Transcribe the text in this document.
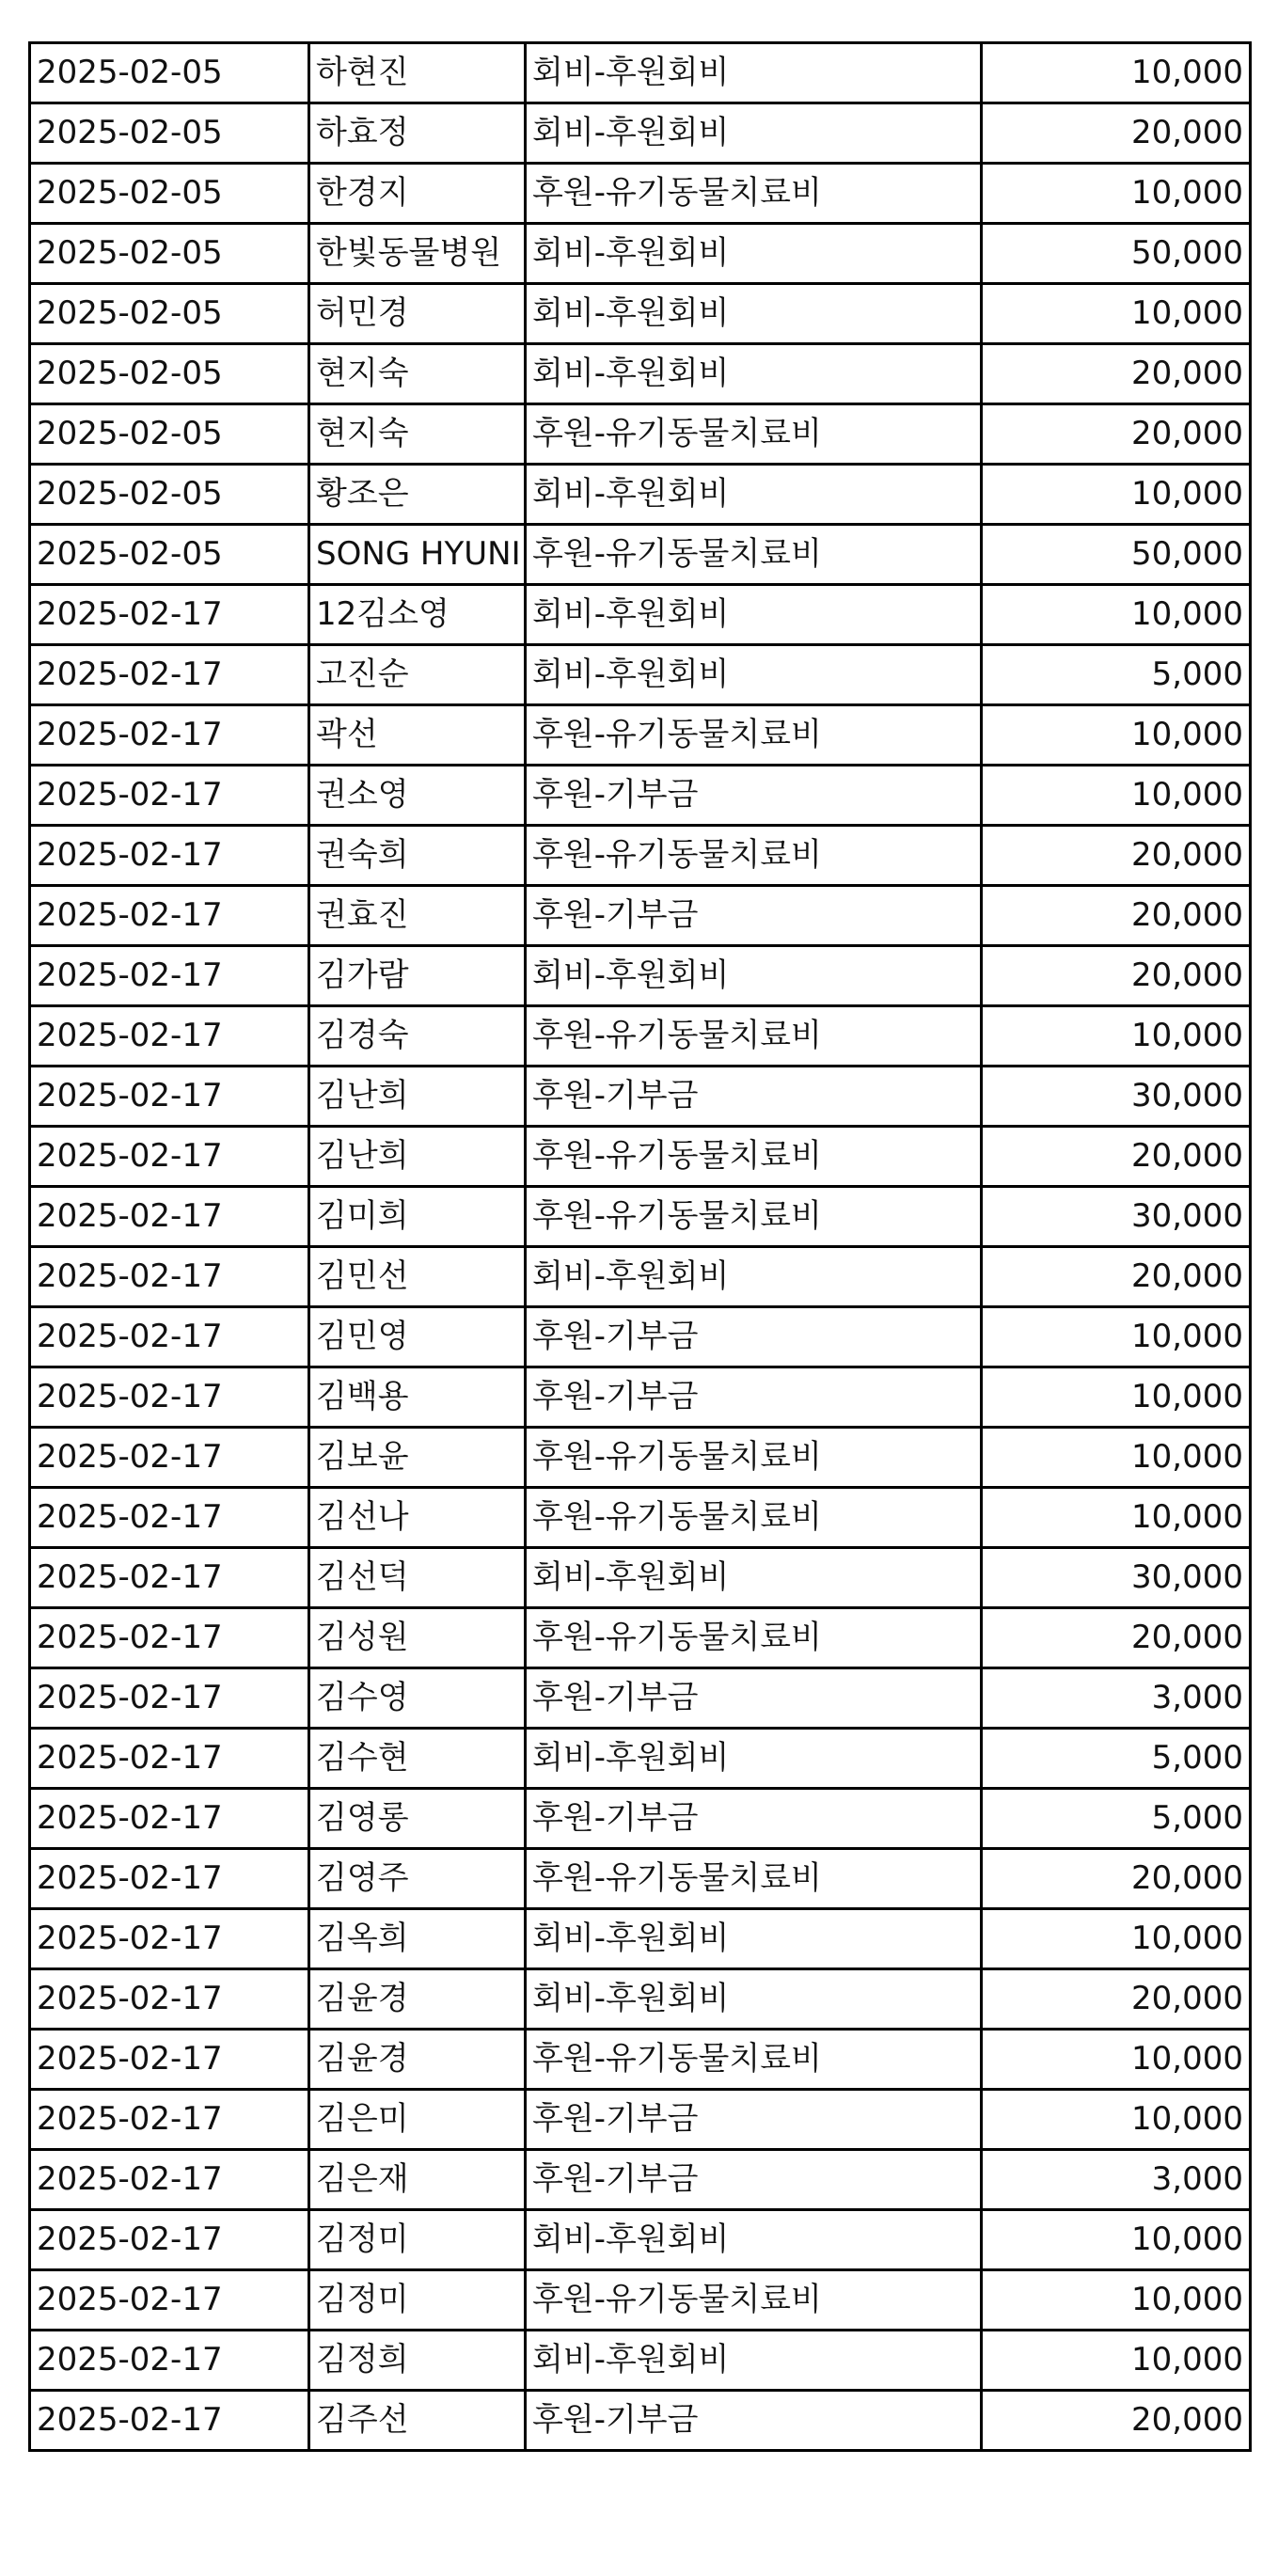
2025-02-05	하현진	회비-후원회비	10,000
2025-02-05	하효정	회비-후원회비	20,000
2025-02-05	한경지	후원-유기동물치료비	10,000
2025-02-05	한빛동물병원	회비-후원회비	50,000
2025-02-05	허민경	회비-후원회비	10,000
2025-02-05	현지숙	회비-후원회비	20,000
2025-02-05	현지숙	후원-유기동물치료비	20,000
2025-02-05	황조은	회비-후원회비	10,000
2025-02-05	SONG HYUNI	후원-유기동물치료비	50,000
2025-02-17	12김소영	회비-후원회비	10,000
2025-02-17	고진순	회비-후원회비	5,000
2025-02-17	곽선	후원-유기동물치료비	10,000
2025-02-17	권소영	후원-기부금	10,000
2025-02-17	권숙희	후원-유기동물치료비	20,000
2025-02-17	권효진	후원-기부금	20,000
2025-02-17	김가람	회비-후원회비	20,000
2025-02-17	김경숙	후원-유기동물치료비	10,000
2025-02-17	김난희	후원-기부금	30,000
2025-02-17	김난희	후원-유기동물치료비	20,000
2025-02-17	김미희	후원-유기동물치료비	30,000
2025-02-17	김민선	회비-후원회비	20,000
2025-02-17	김민영	후원-기부금	10,000
2025-02-17	김백용	후원-기부금	10,000
2025-02-17	김보윤	후원-유기동물치료비	10,000
2025-02-17	김선나	후원-유기동물치료비	10,000
2025-02-17	김선덕	회비-후원회비	30,000
2025-02-17	김성원	후원-유기동물치료비	20,000
2025-02-17	김수영	후원-기부금	3,000
2025-02-17	김수현	회비-후원회비	5,000
2025-02-17	김영롱	후원-기부금	5,000
2025-02-17	김영주	후원-유기동물치료비	20,000
2025-02-17	김옥희	회비-후원회비	10,000
2025-02-17	김윤경	회비-후원회비	20,000
2025-02-17	김윤경	후원-유기동물치료비	10,000
2025-02-17	김은미	후원-기부금	10,000
2025-02-17	김은재	후원-기부금	3,000
2025-02-17	김정미	회비-후원회비	10,000
2025-02-17	김정미	후원-유기동물치료비	10,000
2025-02-17	김정희	회비-후원회비	10,000
2025-02-17	김주선	후원-기부금	20,000
